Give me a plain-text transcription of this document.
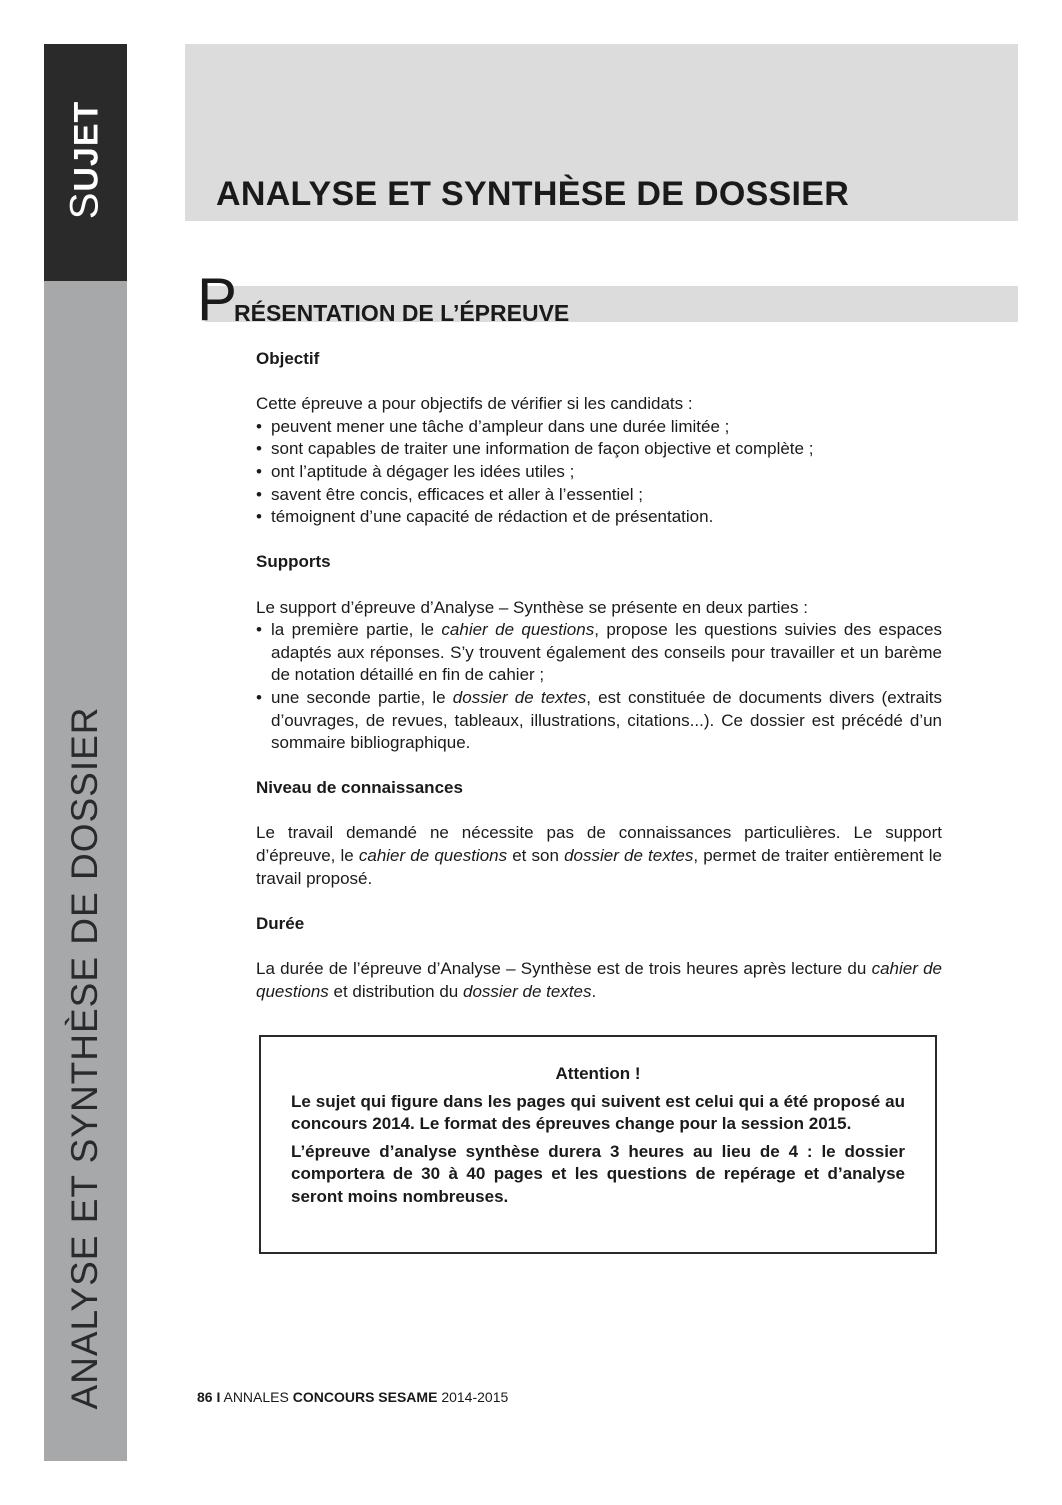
SUJET
ANALYSE ET SYNTHÈSE DE DOSSIER
ANALYSE ET SYNTHÈSE DE DOSSIER
P
RÉSENTATION DE L’ÉPREUVE
Objectif

Cette épreuve a pour objectifs de vérifier si les candidats :

• peuvent mener une tâche d’ampleur dans une durée limitée ;
• sont capables de traiter une information de façon objective et complète ;
• ont l’aptitude à dégager les idées utiles ;
• savent être concis, efficaces et aller à l’essentiel ;
• témoignent d’une capacité de rédaction et de présentation.
Supports

Le support d’épreuve d’Analyse – Synthèse se présente en deux parties :

• la première partie, le cahier de questions, propose les questions suivies des espaces adaptés aux réponses. S’y trouvent également des conseils pour travailler et un barème de notation détaillé en fin de cahier ;
• une seconde partie, le dossier de textes, est constituée de documents divers (extraits d’ouvrages, de revues, tableaux, illustrations, citations...). Ce dossier est précédé d’un sommaire bibliographique.
Niveau de connaissances

Le travail demandé ne nécessite pas de connaissances particulières. Le support d’épreuve, le cahier de questions et son dossier de textes, permet de traiter entièrement le travail proposé.

Durée

La durée de l’épreuve d’Analyse – Synthèse est de trois heures après lecture du cahier de questions et distribution du dossier de textes.

Attention !

Le sujet qui figure dans les pages qui suivent est celui qui a été proposé au concours 2014. Le format des épreuves change pour la session 2015.

L’épreuve d’analyse synthèse durera 3 heures au lieu de 4 : le dossier comportera de 30 à 40 pages et les questions de repérage et d’analyse seront moins nombreuses.

86 I ANNALES CONCOURS SESAME 2014-2015
